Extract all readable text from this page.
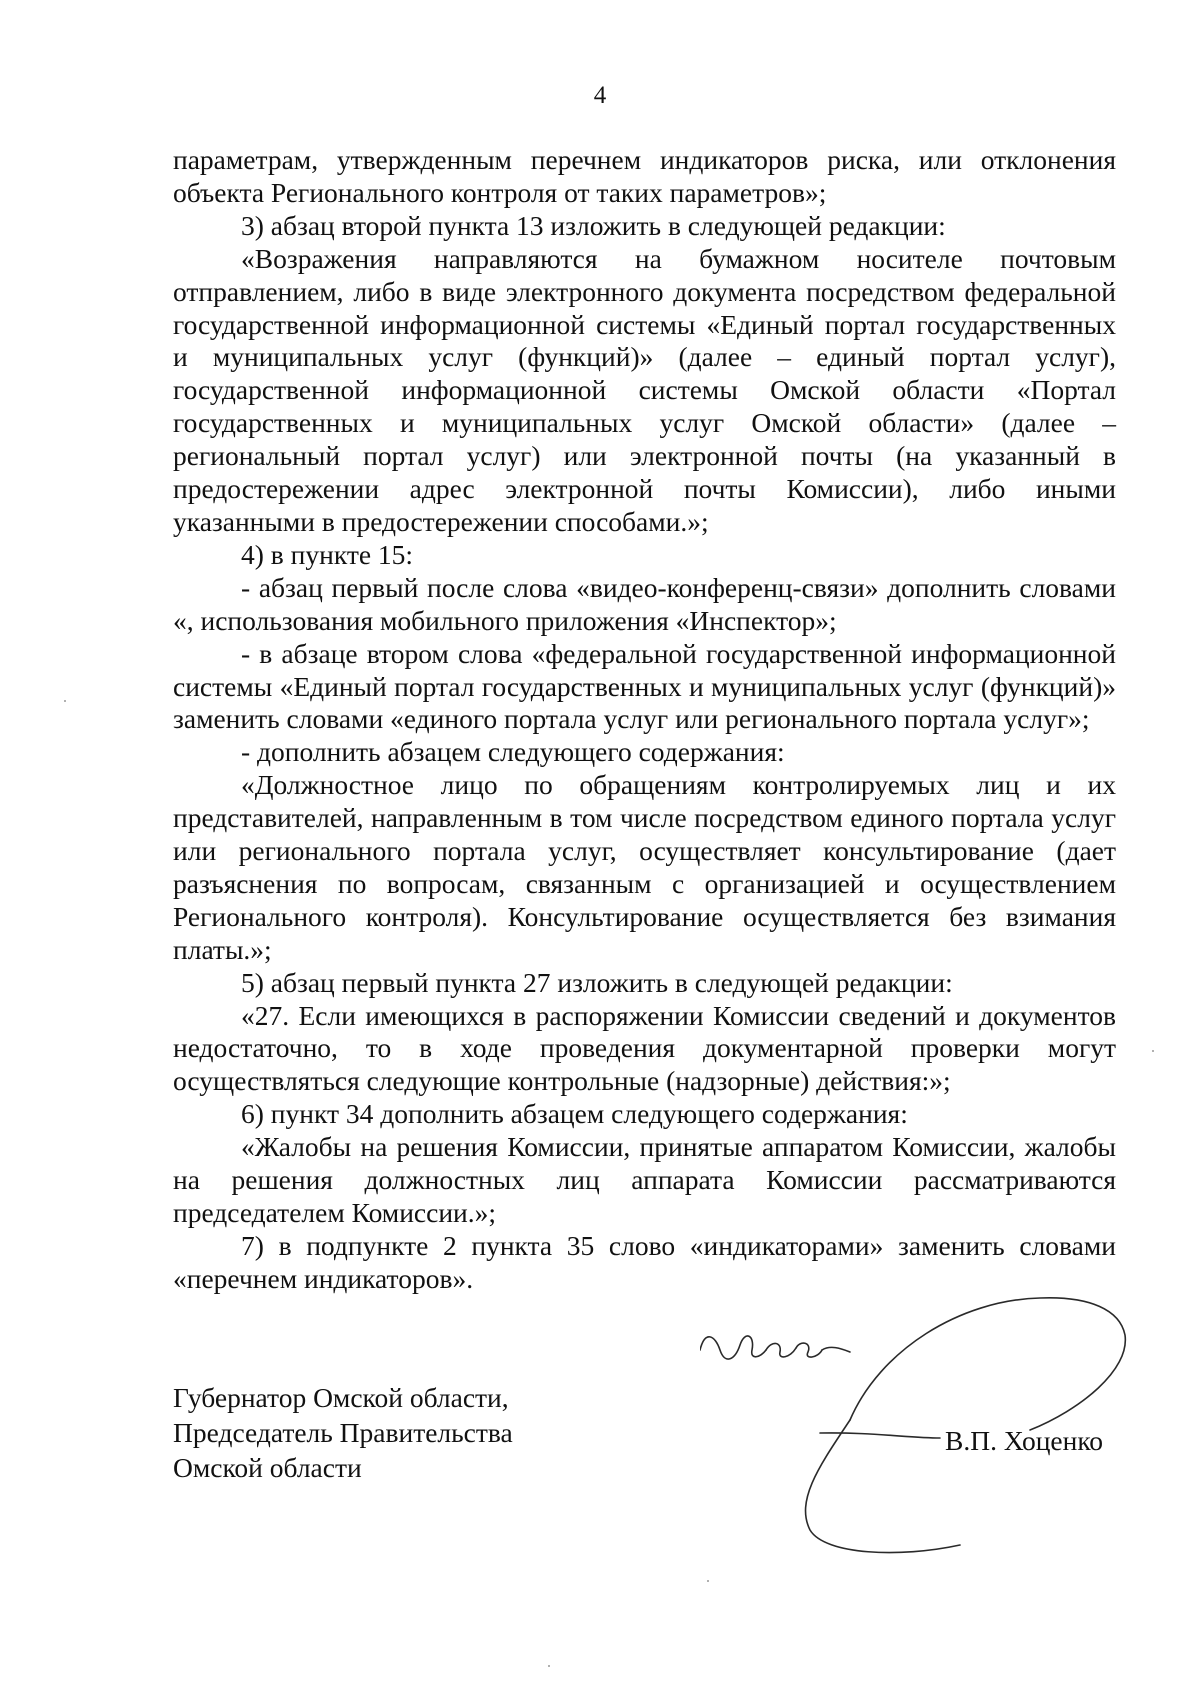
4

параметрам, утвержденным перечнем индикаторов риска, или отклонения объекта Регионального контроля от таких параметров»;

3) абзац второй пункта 13 изложить в следующей редакции:

«Возражения направляются на бумажном носителе почтовым отправлением, либо в виде электронного документа посредством федеральной государственной информационной системы «Единый портал государственных и муниципальных услуг (функций)» (далее – единый портал услуг), государственной информационной системы Омской области «Портал государственных и муниципальных услуг Омской области» (далее – региональный портал услуг) или электронной почты (на указанный в предостережении адрес электронной почты Комиссии), либо иными указанными в предостережении способами.»;

4) в пункте 15:

- абзац первый после слова «видео-конференц-связи» дополнить словами «, использования мобильного приложения «Инспектор»;

- в абзаце втором слова «федеральной государственной информационной системы «Единый портал государственных и муниципальных услуг (функций)» заменить словами «единого портала услуг или регионального портала услуг»;

- дополнить абзацем следующего содержания:

«Должностное лицо по обращениям контролируемых лиц и их представителей, направленным в том числе посредством единого портала услуг или регионального портала услуг, осуществляет консультирование (дает разъяснения по вопросам, связанным с организацией и осуществлением Регионального контроля). Консультирование осуществляется без взимания платы.»;

5) абзац первый пункта 27 изложить в следующей редакции:

«27. Если имеющихся в распоряжении Комиссии сведений и документов недостаточно, то в ходе проведения документарной проверки могут осуществляться следующие контрольные (надзорные) действия:»;

6) пункт 34 дополнить абзацем следующего содержания:

«Жалобы на решения Комиссии, принятые аппаратом Комиссии, жалобы на решения должностных лиц аппарата Комиссии рассматриваются председателем Комиссии.»;

7) в подпункте 2 пункта 35 слово «индикаторами» заменить словами «перечнем индикаторов».

Губернатор Омской области,
Председатель Правительства
Омской области
В.П. Хоценко
